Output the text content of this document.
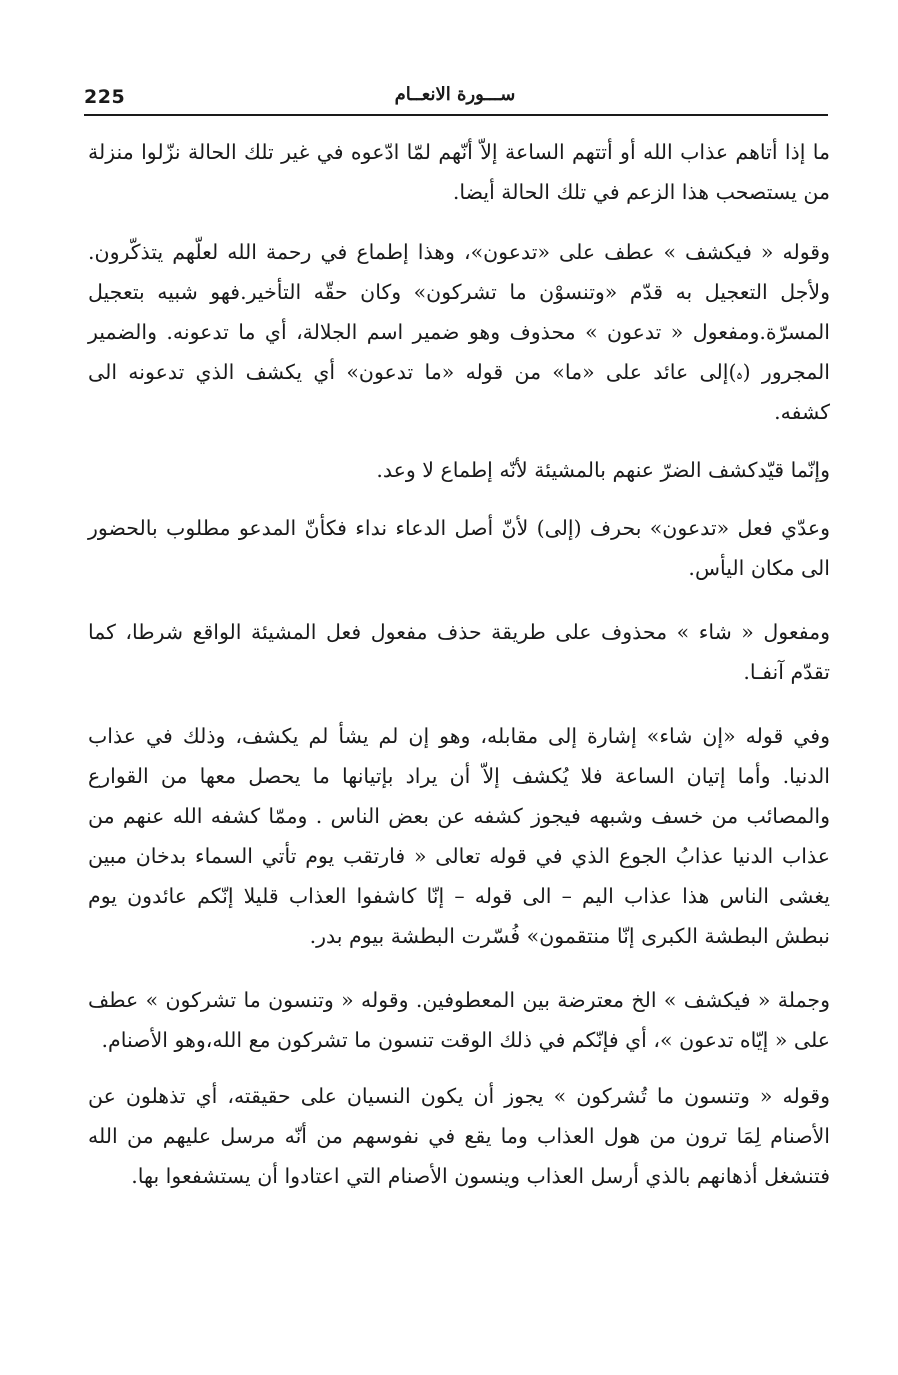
225	ســـورة الانعــام

ما إذا أتاهم عذاب الله أو أتتهم الساعة إلاّ أنّهم لمّا ادّعوه في غير تلك الحالة نزّلوا منزلة من يستصحب هذا الزعم في تلك الحالة أيضا.

وقوله « فيكشف » عطف على «تدعون»، وهذا إطماع في رحمة الله لعلّهم يتذكّرون. ولأجل التعجيل به قدّم «وتنسوْن ما تشركون» وكان حقّه التأخير.فهو شبيه بتعجيل المسرّة.ومفعول « تدعون » محذوف وهو ضمير اسم الجلالة، أي ما تدعونه. والضمير المجرور (ﮦ)إلى عائد على «ما» من قوله «ما تدعون» أي يكشف الذي تدعونه الى كشفه.

وإنّما قيّدكشف الضرّ عنهم بالمشيئة لأنّه إطماع لا وعد.

وعدّي فعل «تدعون» بحرف (إلى) لأنّ أصل الدعاء نداء فكأنّ المدعو مطلوب بالحضور الى مكان اليأس.

ومفعول « شاء » محذوف على طريقة حذف مفعول فعل المشيئة الواقع شرطا، كما تقدّم آنفـا.

وفي قوله «إن شاء» إشارة إلى مقابله، وهو إن لم يشأ لم يكشف، وذلك في عذاب الدنيا. وأما إتيان الساعة فلا يُكشف إلاّ أن يراد بإتيانها ما يحصل معها من القوارع والمصائب من خسف وشبهه فيجوز كشفه عن بعض الناس . وممّا كشفه الله عنهم من عذاب الدنيا عذابُ الجوع الذي في قوله تعالى « فارتقب يوم تأتي السماء بدخان مبين يغشى الناس هذا عذاب اليم – الى قوله – إنّا كاشفوا العذاب قليلا إنّكم عائدون يوم نبطش البطشة الكبرى إنّا منتقمون» فُسّرت البطشة بيوم بدر.

وجملة « فيكشف » الخ معترضة بين المعطوفين. وقوله « وتنسون ما تشركون » عطف على « إيّاه تدعون »، أي فإنّكم في ذلك الوقت تنسون ما تشركون مع الله،وهو الأصنام.

وقوله « وتنسون ما تُشركون » يجوز أن يكون النسيان على حقيقته، أي تذهلون عن الأصنام لِمَا ترون من هول العذاب وما يقع في نفوسهم من أنّه مرسل عليهم من الله فتنشغل أذهانهم بالذي أرسل العذاب وينسون الأصنام التي اعتادوا أن يستشفعوا بها.
